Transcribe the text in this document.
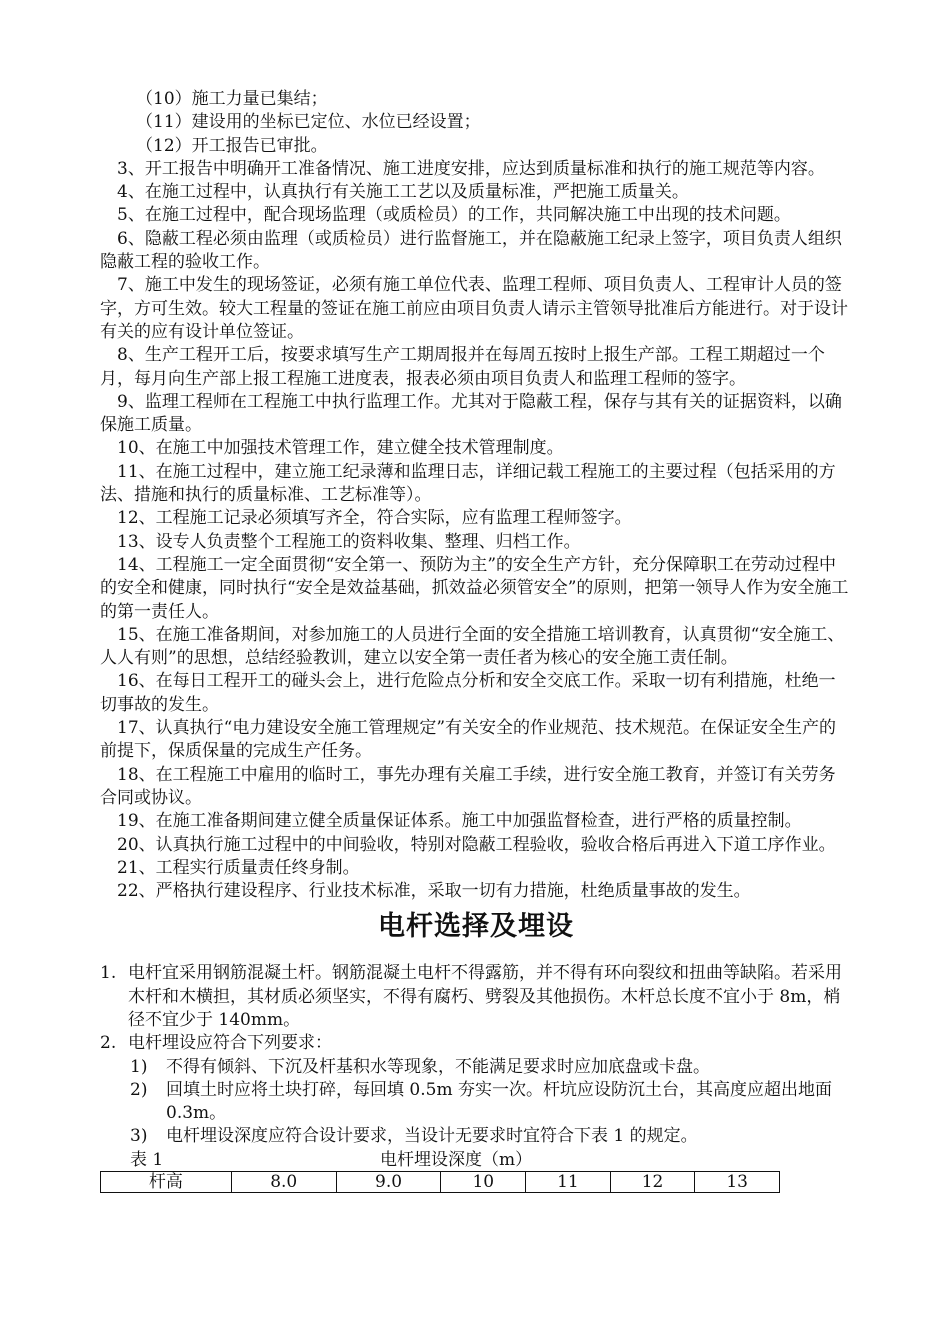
（10）施工力量已集结；

（11）建设用的坐标已定位、水位已经设置；

（12）开工报告已审批。

3、开工报告中明确开工准备情况、施工进度安排，应达到质量标准和执行的施工规范等内容。

4、在施工过程中，认真执行有关施工工艺以及质量标准，严把施工质量关。

5、在施工过程中，配合现场监理（或质检员）的工作，共同解决施工中出现的技术问题。

6、隐蔽工程必须由监理（或质检员）进行监督施工，并在隐蔽施工纪录上签字，项目负责人组织隐蔽工程的验收工作。

7、施工中发生的现场签证，必须有施工单位代表、监理工程师、项目负责人、工程审计人员的签字，方可生效。较大工程量的签证在施工前应由项目负责人请示主管领导批准后方能进行。对于设计有关的应有设计单位签证。

8、生产工程开工后，按要求填写生产工期周报并在每周五按时上报生产部。工程工期超过一个月，每月向生产部上报工程施工进度表，报表必须由项目负责人和监理工程师的签字。

9、监理工程师在工程施工中执行监理工作。尤其对于隐蔽工程，保存与其有关的证据资料，以确保施工质量。

10、在施工中加强技术管理工作，建立健全技术管理制度。

11、在施工过程中，建立施工纪录薄和监理日志，详细记载工程施工的主要过程（包括采用的方法、措施和执行的质量标准、工艺标准等）。

12、工程施工记录必须填写齐全，符合实际，应有监理工程师签字。

13、设专人负责整个工程施工的资料收集、整理、归档工作。

14、工程施工一定全面贯彻“安全第一、预防为主”的安全生产方针，充分保障职工在劳动过程中的安全和健康，同时执行“安全是效益基础，抓效益必须管安全”的原则，把第一领导人作为安全施工的第一责任人。

15、在施工准备期间，对参加施工的人员进行全面的安全措施工培训教育，认真贯彻“安全施工、人人有则”的思想，总结经验教训，建立以安全第一责任者为核心的安全施工责任制。

16、在每日工程开工的碰头会上，进行危险点分析和安全交底工作。采取一切有利措施，杜绝一切事故的发生。

17、认真执行“电力建设安全施工管理规定”有关安全的作业规范、技术规范。在保证安全生产的前提下，保质保量的完成生产任务。

18、在工程施工中雇用的临时工，事先办理有关雇工手续，进行安全施工教育，并签订有关劳务合同或协议。

19、在施工准备期间建立健全质量保证体系。施工中加强监督检查，进行严格的质量控制。

20、认真执行施工过程中的中间验收，特别对隐蔽工程验收，验收合格后再进入下道工序作业。

21、工程实行质量责任终身制。

22、严格执行建设程序、行业技术标准，采取一切有力措施，杜绝质量事故的发生。

电杆选择及埋设
1. 电杆宜采用钢筋混凝土杆。钢筋混凝土电杆不得露筋，并不得有环向裂纹和扭曲等缺陷。若采用木杆和木横担，其材质必须坚实，不得有腐朽、劈裂及其他损伤。木杆总长度不宜小于 8m，梢径不宜少于 140mm。
2. 电杆埋设应符合下列要求：
1)	不得有倾斜、下沉及杆基积水等现象，不能满足要求时应加底盘或卡盘。
2)	回填土时应将土块打碎，每回填 0.5m 夯实一次。杆坑应设防沉土台，其高度应超出地面 0.3m。
3)	电杆埋设深度应符合设计要求，当设计无要求时宜符合下表 1 的规定。
表 1	电杆埋设深度（m）
杆高	8.0	9.0	10	11	12	13
